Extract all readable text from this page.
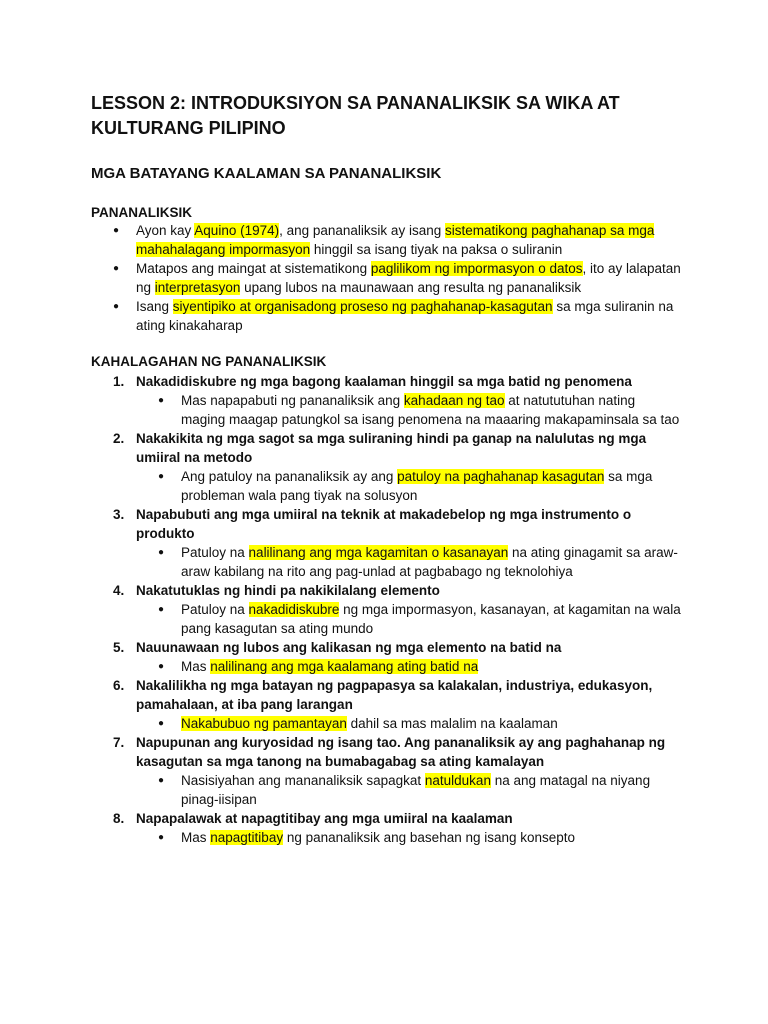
LESSON 2: INTRODUKSIYON SA PANANALIKSIK SA WIKA AT KULTURANG PILIPINO
MGA BATAYANG KAALAMAN SA PANANALIKSIK
PANANALIKSIK
● Ayon kay Aquino (1974), ang pananaliksik ay isang sistematikong paghahanap sa mga mahahalagang impormasyon hinggil sa isang tiyak na paksa o suliranin
● Matapos ang maingat at sistematikong paglilikom ng impormasyon o datos, ito ay lalapatan ng interpretasyon upang lubos na maunawaan ang resulta ng pananaliksik
● Isang siyentipiko at organisadong proseso ng paghahanap-kasagutan sa mga suliranin na ating kinakaharap
KAHALAGAHAN NG PANANALIKSIK
1. Nakadidiskubre ng mga bagong kaalaman hinggil sa mga batid ng penomena
● Mas napapabuti ng pananaliksik ang kahadaan ng tao at natututuhan nating maging maagap patungkol sa isang penomena na maaaring makapaminsala sa tao
2. Nakakikita ng mga sagot sa mga suliraning hindi pa ganap na nalulutas ng mga umiiral na metodo
● Ang patuloy na pananaliksik ay ang patuloy na paghahanap kasagutan sa mga probleman wala pang tiyak na solusyon
3. Napabubuti ang mga umiiral na teknik at makadebelop ng mga instrumento o produkto
● Patuloy na nalilinang ang mga kagamitan o kasanayan na ating ginagamit sa araw-araw kabilang na rito ang pag-unlad at pagbabago ng teknolohiya
4. Nakatutuklas ng hindi pa nakikilalang elemento
● Patuloy na nakadidiskubre ng mga impormasyon, kasanayan, at kagamitan na wala pang kasagutan sa ating mundo
5. Nauunawaan ng lubos ang kalikasan ng mga elemento na batid na
● Mas nalilinang ang mga kaalamang ating batid na
6. Nakalilikha ng mga batayan ng pagpapasya sa kalakalan, industriya, edukasyon, pamahalaan, at iba pang larangan
● Nakabubuo ng pamantayan dahil sa mas malalim na kaalaman
7. Napupunan ang kuryosidad ng isang tao. Ang pananaliksik ay ang paghahanap ng kasagutan sa mga tanong na bumabagabag sa ating kamalayan
● Nasisiyahan ang mananaliksik sapagkat natuldukan na ang matagal na niyang pinag-iisipan
8. Napapalawak at napagtitibay ang mga umiiral na kaalaman
● Mas napagtitibay ng pananaliksik ang basehan ng isang konsepto
